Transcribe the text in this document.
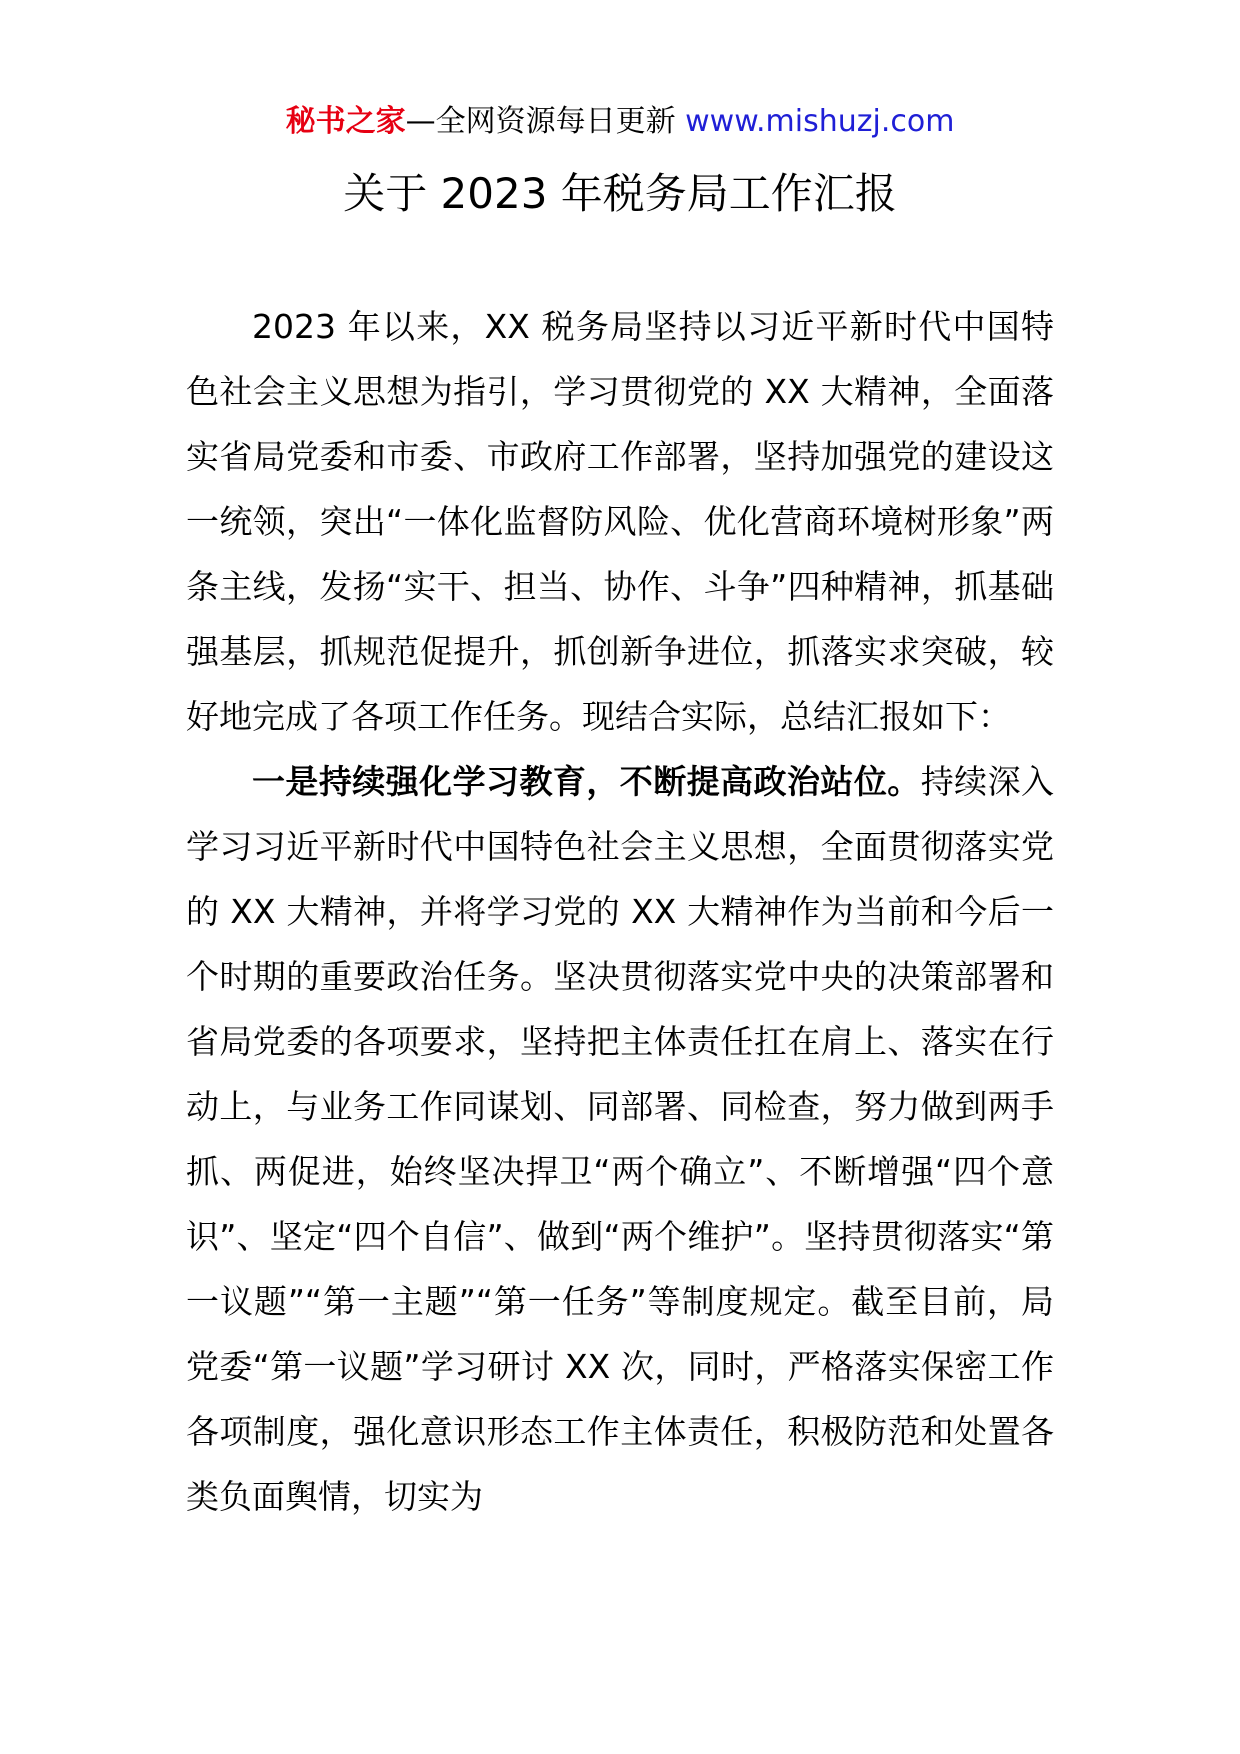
秘书之家—全网资源每日更新 www.mishuzj.com
关于 2023 年税务局工作汇报

2023 年以来，XX 税务局坚持以习近平新时代中国特色社会主义思想为指引，学习贯彻党的 XX 大精神，全面落实省局党委和市委、市政府工作部署，坚持加强党的建设这一统领，突出“一体化监督防风险、优化营商环境树形象”两条主线，发扬“实干、担当、协作、斗争”四种精神，抓基础强基层，抓规范促提升，抓创新争进位，抓落实求突破，较好地完成了各项工作任务。现结合实际，总结汇报如下：

一是持续强化学习教育，不断提高政治站位。持续深入学习习近平新时代中国特色社会主义思想，全面贯彻落实党的 XX 大精神，并将学习党的 XX 大精神作为当前和今后一个时期的重要政治任务。坚决贯彻落实党中央的决策部署和省局党委的各项要求，坚持把主体责任扛在肩上、落实在行动上，与业务工作同谋划、同部署、同检查，努力做到两手抓、两促进，始终坚决捍卫“两个确立”、不断增强“四个意识”、坚定“四个自信”、做到“两个维护”。坚持贯彻落实“第一议题”“第一主题”“第一任务”等制度规定。截至目前，局党委“第一议题”学习研讨 XX 次，同时，严格落实保密工作各项制度，强化意识形态工作主体责任，积极防范和处置各类负面舆情，切实为
